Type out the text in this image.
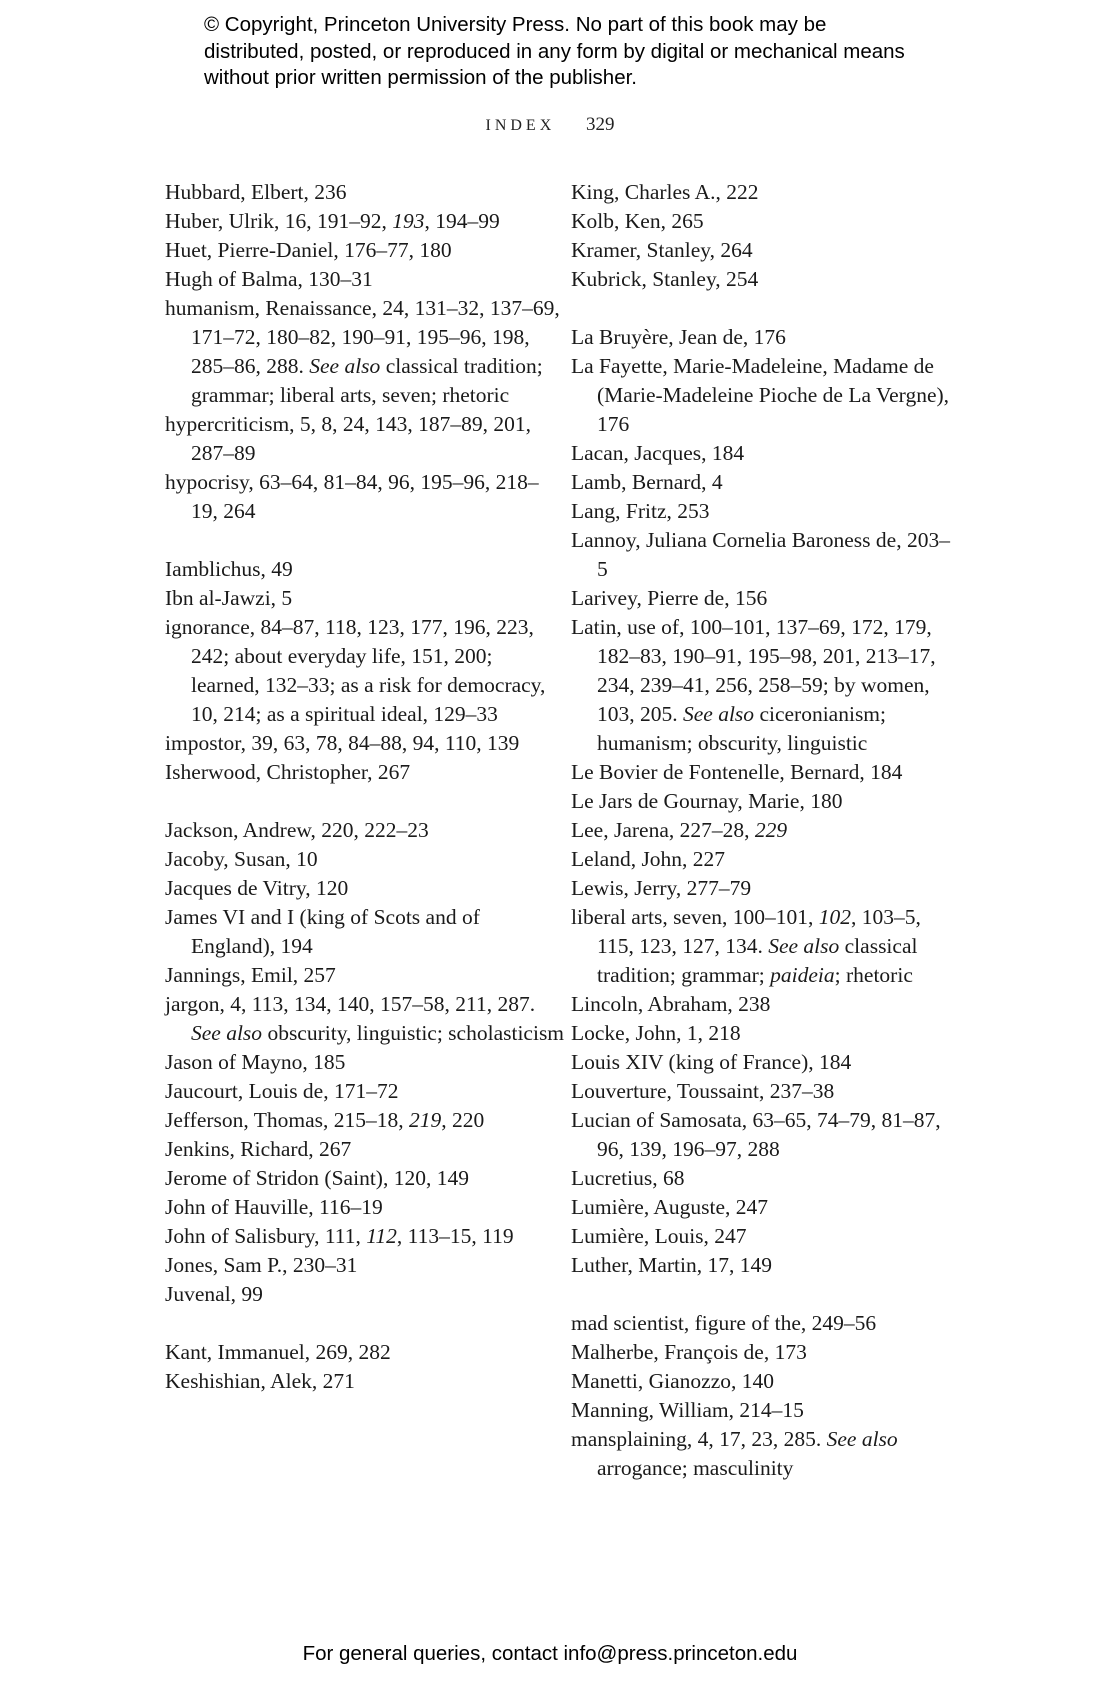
© Copyright, Princeton University Press. No part of this book may be distributed, posted, or reproduced in any form by digital or mechanical means without prior written permission of the publisher.
INDEX 329
Hubbard, Elbert, 236
Huber, Ulrik, 16, 191–92, 193, 194–99
Huet, Pierre-Daniel, 176–77, 180
Hugh of Balma, 130–31
humanism, Renaissance, 24, 131–32, 137–69, 171–72, 180–82, 190–91, 195–96, 198, 285–86, 288. See also classical tradition; grammar; liberal arts, seven; rhetoric
hypercriticism, 5, 8, 24, 143, 187–89, 201, 287–89
hypocrisy, 63–64, 81–84, 96, 195–96, 218–19, 264
Iamblichus, 49
Ibn al-Jawzi, 5
ignorance, 84–87, 118, 123, 177, 196, 223, 242; about everyday life, 151, 200; learned, 132–33; as a risk for democracy, 10, 214; as a spiritual ideal, 129–33
impostor, 39, 63, 78, 84–88, 94, 110, 139
Isherwood, Christopher, 267
Jackson, Andrew, 220, 222–23
Jacoby, Susan, 10
Jacques de Vitry, 120
James VI and I (king of Scots and of England), 194
Jannings, Emil, 257
jargon, 4, 113, 134, 140, 157–58, 211, 287. See also obscurity, linguistic; scholasticism
Jason of Mayno, 185
Jaucourt, Louis de, 171–72
Jefferson, Thomas, 215–18, 219, 220
Jenkins, Richard, 267
Jerome of Stridon (Saint), 120, 149
John of Hauville, 116–19
John of Salisbury, 111, 112, 113–15, 119
Jones, Sam P., 230–31
Juvenal, 99
Kant, Immanuel, 269, 282
Keshishian, Alek, 271
King, Charles A., 222
Kolb, Ken, 265
Kramer, Stanley, 264
Kubrick, Stanley, 254
La Bruyère, Jean de, 176
La Fayette, Marie-Madeleine, Madame de (Marie-Madeleine Pioche de La Vergne), 176
Lacan, Jacques, 184
Lamb, Bernard, 4
Lang, Fritz, 253
Lannoy, Juliana Cornelia Baroness de, 203–5
Larivey, Pierre de, 156
Latin, use of, 100–101, 137–69, 172, 179, 182–83, 190–91, 195–98, 201, 213–17, 234, 239–41, 256, 258–59; by women, 103, 205. See also ciceronianism; humanism; obscurity, linguistic
Le Bovier de Fontenelle, Bernard, 184
Le Jars de Gournay, Marie, 180
Lee, Jarena, 227–28, 229
Leland, John, 227
Lewis, Jerry, 277–79
liberal arts, seven, 100–101, 102, 103–5, 115, 123, 127, 134. See also classical tradition; grammar; paideia; rhetoric
Lincoln, Abraham, 238
Locke, John, 1, 218
Louis XIV (king of France), 184
Louverture, Toussaint, 237–38
Lucian of Samosata, 63–65, 74–79, 81–87, 96, 139, 196–97, 288
Lucretius, 68
Lumière, Auguste, 247
Lumière, Louis, 247
Luther, Martin, 17, 149
mad scientist, figure of the, 249–56
Malherbe, François de, 173
Manetti, Gianozzo, 140
Manning, William, 214–15
mansplaining, 4, 17, 23, 285. See also arrogance; masculinity
For general queries, contact info@press.princeton.edu
